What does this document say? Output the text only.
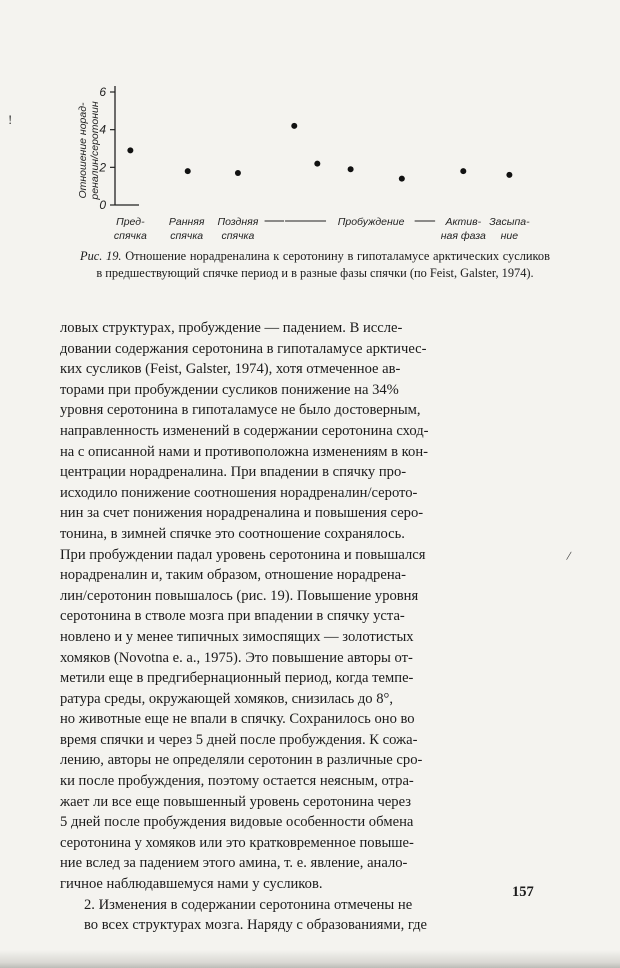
0
2
4
6
Отношение норад- реналин/серотонин
Пред-
спячка
Ранняя
спячка
Поздняя
спячка
Пробуждение	Актив-
ная фаза
Засыпа-
ние
Рис. 19. Отношение норадреналина к серотонину в гипоталамусе арктических сусликов в предшествующий спячке период и в разные фазы спячки (по Feist, Galster, 1974).

ловых структурах, пробуждение — падением. В иссле-
довании содержания серотонина в гипоталамусе арктичес-
ких сусликов (Feist, Galster, 1974), хотя отмеченное ав-
торами при пробуждении сусликов понижение на 34%
уровня серотонина в гипоталамусе не было достоверным,
направленность изменений в содержании серотонина сход-
на с описанной нами и противоположна изменениям в кон-
центрации норадреналина. При впадении в спячку про-
исходило понижение соотношения норадреналин/серото-
нин за счет понижения норадреналина и повышения серо-
тонина, в зимней спячке это соотношение сохранялось.
При пробуждении падал уровень серотонина и повышался
норадреналин и, таким образом, отношение норадрена-
лин/серотонин повышалось (рис. 19). Повышение уровня
серотонина в стволе мозга при впадении в спячку уста-
новлено и у менее типичных зимоспящих — золотистых
хомяков (Novotna e. a., 1975). Это повышение авторы от-
метили еще в предгибернационный период, когда темпе-
ратура среды, окружающей хомяков, снизилась до 8°,
но животные еще не впали в спячку. Сохранилось оно во
время спячки и через 5 дней после пробуждения. К сожа-
лению, авторы не определяли серотонин в различные сро-
ки после пробуждения, поэтому остается неясным, отра-
жает ли все еще повышенный уровень серотонина через
5 дней после пробуждения видовые особенности обмена
серотонина у хомяков или это кратковременное повыше-
ние вслед за падением этого амина, т. е. явление, анало-
гичное наблюдавшемуся нами у сусликов.

2. Изменения в содержании серотонина отмечены не
во всех структурах мозга. Наряду с образованиями, где

157
!
/
